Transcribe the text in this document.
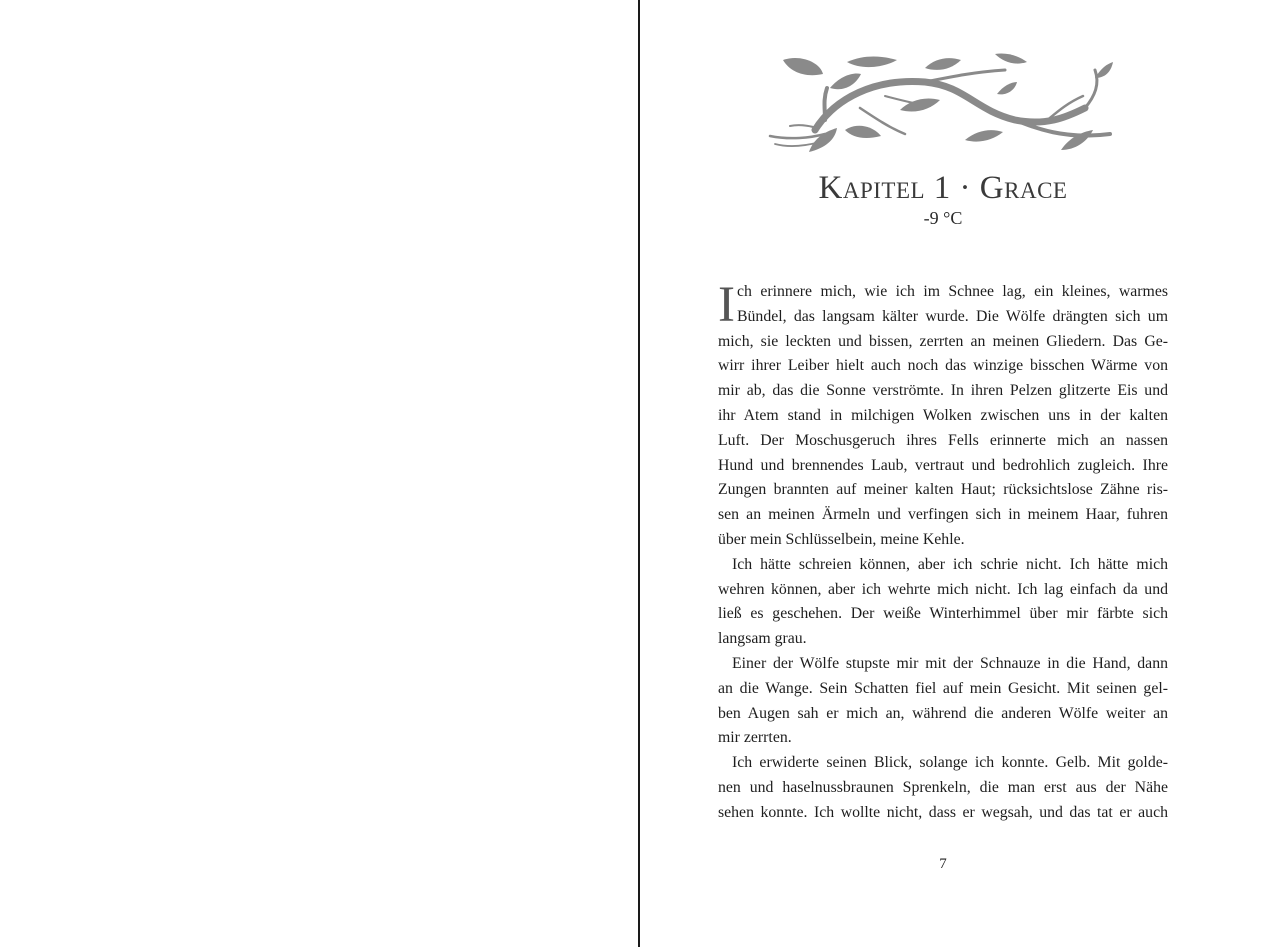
Kapitel 1 · Grace
-9 °C
I ch erinnere mich, wie ich im Schnee lag, ein kleines, warmes
Bündel, das langsam kälter wurde. Die Wölfe drängten sich um
mich, sie leckten und bissen, zerrten an meinen Gliedern. Das Ge-
wirr ihrer Leiber hielt auch noch das winzige bisschen Wärme von
mir ab, das die Sonne verströmte. In ihren Pelzen glitzerte Eis und
ihr Atem stand in milchigen Wolken zwischen uns in der kalten
Luft. Der Moschusgeruch ihres Fells erinnerte mich an nassen
Hund und brennendes Laub, vertraut und bedrohlich zugleich. Ihre
Zungen brannten auf meiner kalten Haut; rücksichtslose Zähne ris-
sen an meinen Ärmeln und verfingen sich in meinem Haar, fuhren
über mein Schlüsselbein, meine Kehle.
Ich hätte schreien können, aber ich schrie nicht. Ich hätte mich
wehren können, aber ich wehrte mich nicht. Ich lag einfach da und
ließ es geschehen. Der weiße Winterhimmel über mir färbte sich
langsam grau.
Einer der Wölfe stupste mir mit der Schnauze in die Hand, dann
an die Wange. Sein Schatten fiel auf mein Gesicht. Mit seinen gel-
ben Augen sah er mich an, während die anderen Wölfe weiter an
mir zerrten.
Ich erwiderte seinen Blick, solange ich konnte. Gelb. Mit golde-
nen und haselnussbraunen Sprenkeln, die man erst aus der Nähe
sehen konnte. Ich wollte nicht, dass er wegsah, und das tat er auch
7
